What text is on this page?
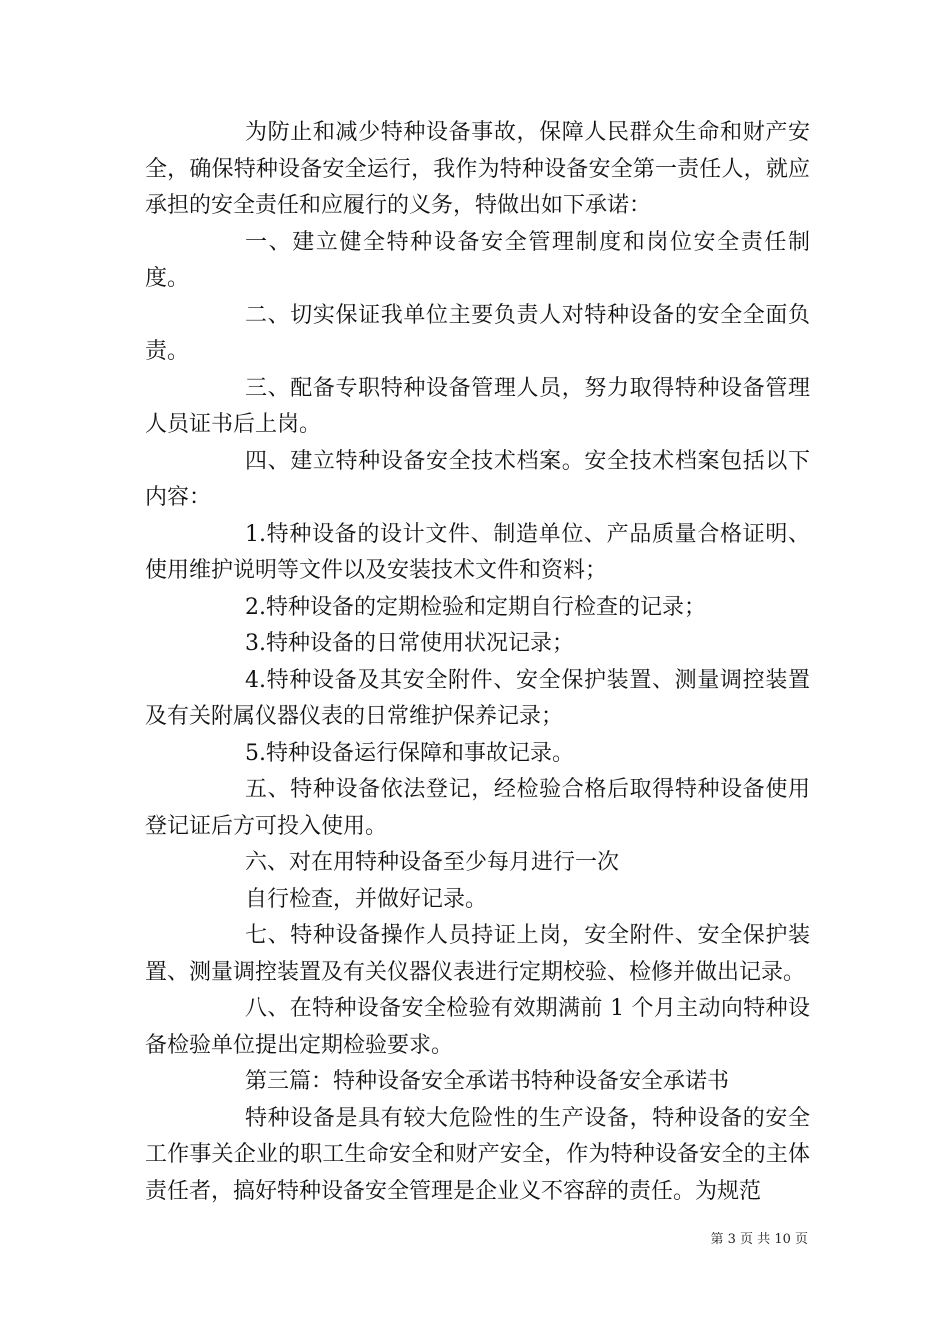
为防止和减少特种设备事故，保障人民群众生命和财产安全，确保特种设备安全运行，我作为特种设备安全第一责任人，就应承担的安全责任和应履行的义务，特做出如下承诺：

一、建立健全特种设备安全管理制度和岗位安全责任制度。

二、切实保证我单位主要负责人对特种设备的安全全面负责。

三、配备专职特种设备管理人员，努力取得特种设备管理人员证书后上岗。

四、建立特种设备安全技术档案。安全技术档案包括以下内容：

1.特种设备的设计文件、制造单位、产品质量合格证明、使用维护说明等文件以及安装技术文件和资料；

2.特种设备的定期检验和定期自行检查的记录；

3.特种设备的日常使用状况记录；

4.特种设备及其安全附件、安全保护装置、测量调控装置及有关附属仪器仪表的日常维护保养记录；

5.特种设备运行保障和事故记录。

五、特种设备依法登记，经检验合格后取得特种设备使用登记证后方可投入使用。

六、对在用特种设备至少每月进行一次

自行检查，并做好记录。

七、特种设备操作人员持证上岗，安全附件、安全保护装置、测量调控装置及有关仪器仪表进行定期校验、检修并做出记录。

八、在特种设备安全检验有效期满前 1 个月主动向特种设备检验单位提出定期检验要求。

第三篇：特种设备安全承诺书特种设备安全承诺书

特种设备是具有较大危险性的生产设备，特种设备的安全工作事关企业的职工生命安全和财产安全，作为特种设备安全的主体责任者，搞好特种设备安全管理是企业义不容辞的责任。为规范

第 3 页 共 10 页
